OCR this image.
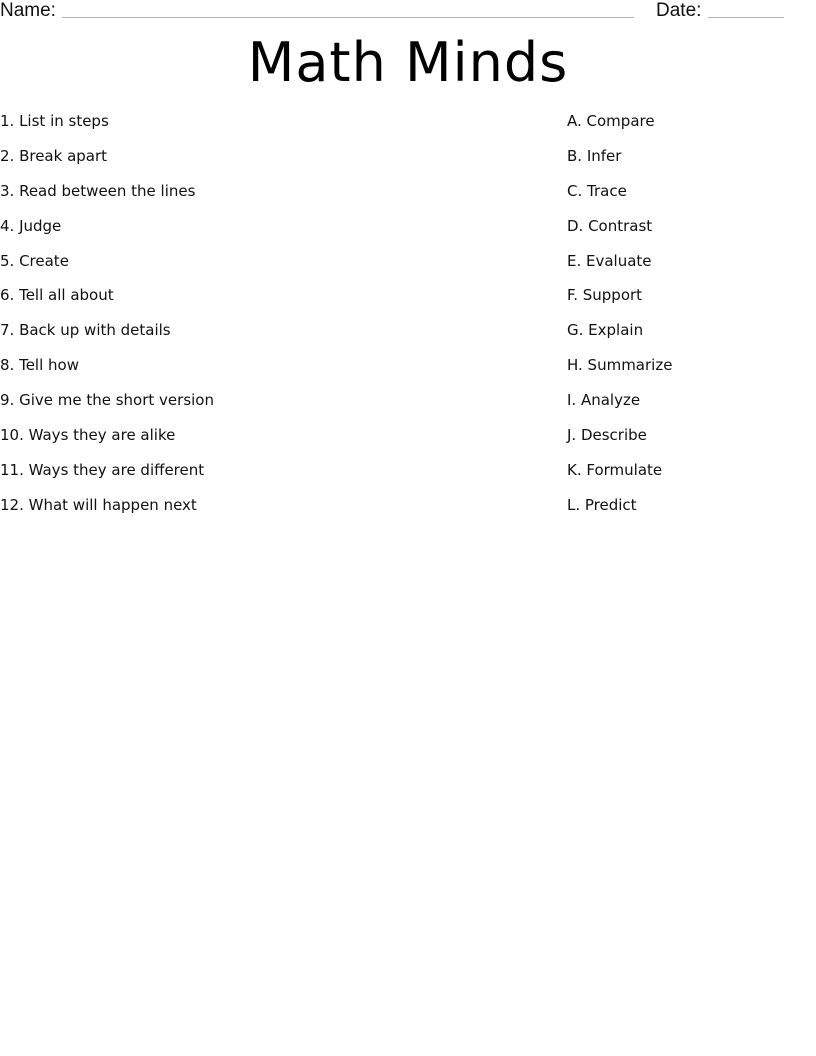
Name:	Date:
Math Minds
1. List in steps
2. Break apart
3. Read between the lines
4. Judge
5. Create
6. Tell all about
7. Back up with details
8. Tell how
9. Give me the short version
10. Ways they are alike
11. Ways they are different
12. What will happen next
A. Compare
B. Infer
C. Trace
D. Contrast
E. Evaluate
F. Support
G. Explain
H. Summarize
I. Analyze
J. Describe
K. Formulate
L. Predict
